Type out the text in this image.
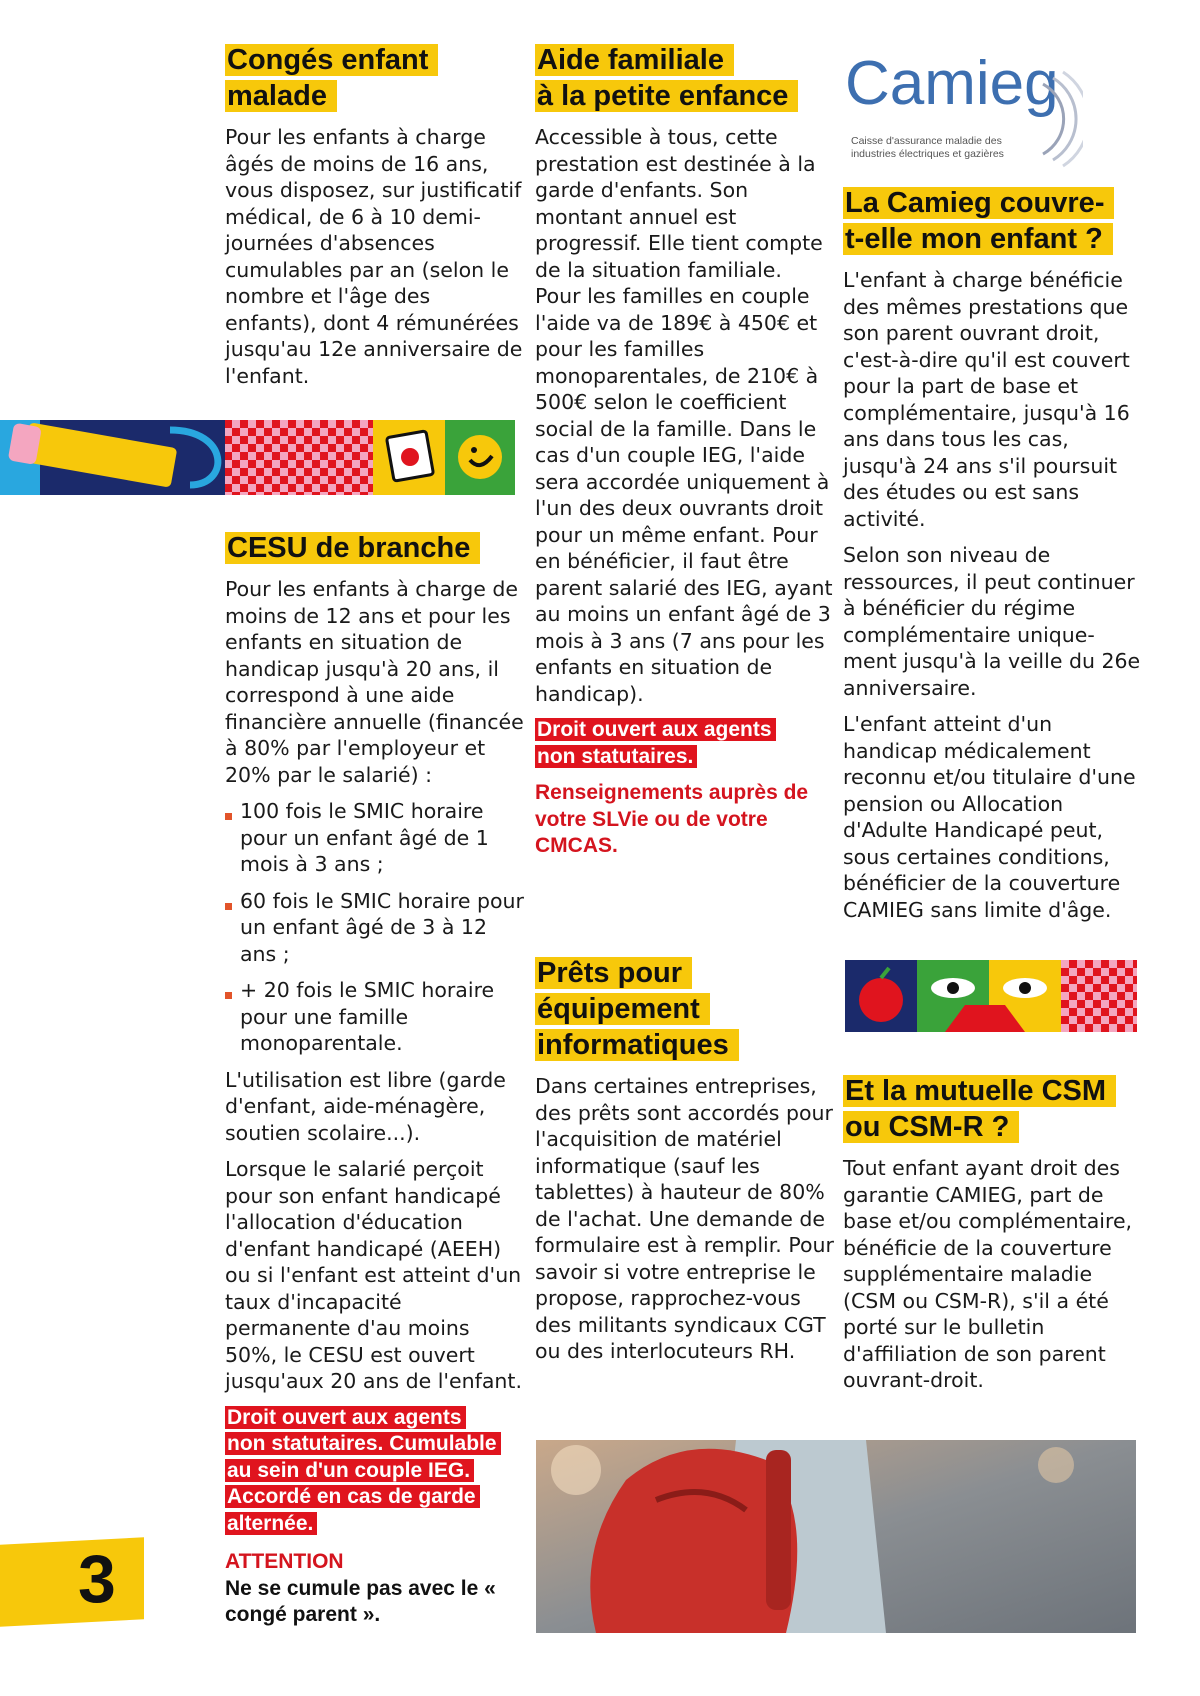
Congés enfant
malade

Pour les enfants à charge âgés de moins de 16 ans, vous disposez, sur justificatif médical, de 6 à 10 demi-journées d'absences cumulables par an (selon le nombre et l'âge des enfants), dont 4 rémunérées jusqu'au 12e anniversaire de l'enfant.

CESU de branche

Pour les enfants à charge de moins de 12 ans et pour les enfants en situation de handicap jusqu'à 20 ans, il correspond à une aide financière annuelle (financée à 80% par l'employeur et 20% par le salarié) :

100 fois le SMIC horaire pour un enfant âgé de 1 mois à 3 ans ;
60 fois le SMIC horaire pour un enfant âgé de 3 à 12 ans ;
+ 20 fois le SMIC horaire pour une famille monoparentale.

L'utilisation est libre (garde d'enfant, aide-ménagère, soutien scolaire...).

Lorsque le salarié perçoit pour son enfant handicapé l'allocation d'éducation d'enfant handicapé (AEEH) ou si l'enfant est atteint d'un taux d'incapacité permanente d'au moins 50%, le CESU est ouvert jusqu'aux 20 ans de l'enfant.

Droit ouvert aux agents non statutaires. Cumulable au sein d'un couple IEG. Accordé en cas de garde alternée.

ATTENTION

Ne se cumule pas avec le « congé parent ».

Aide familiale
à la petite enfance

Accessible à tous, cette prestation est destinée à la garde d'enfants. Son montant annuel est progressif. Elle tient compte de la situation familiale.

Pour les familles en couple l'aide va de 189€ à 450€ et pour les familles monoparentales, de 210€ à 500€ selon le coefficient social de la famille. Dans le cas d'un couple IEG, l'aide sera accordée uniquement à l'un des deux ouvrants droit pour un même enfant. Pour en bénéficier, il faut être parent salarié des IEG, ayant au moins un enfant âgé de 3 mois à 3 ans (7 ans pour les enfants en situation de handicap).

Droit ouvert aux agents non statutaires.

Renseignements auprès de votre SLVie ou de votre CMCAS.

Prêts pour
équipement
informatiques

Dans certaines entreprises, des prêts sont accordés pour l'acquisition de matériel informatique (sauf les tablettes) à hauteur de 80% de l'achat. Une demande de formulaire est à remplir. Pour savoir si votre entreprise le propose, rapprochez-vous des militants syndicaux CGT ou des interlocuteurs RH.

Camieg
Caisse d'assurance maladie des
industries électriques et gazières
La Camieg couvre-
t-elle mon enfant ?

L'enfant à charge bénéficie des mêmes prestations que son parent ouvrant droit, c'est-à-dire qu'il est couvert pour la part de base et complémentaire, jusqu'à 16 ans dans tous les cas, jusqu'à 24 ans s'il poursuit des études ou est sans activité.

Selon son niveau de ressources, il peut continuer à bénéficier du régime complémentaire unique-ment jusqu'à la veille du 26e anniversaire.

L'enfant atteint d'un handicap médicalement reconnu et/ou titulaire d'une pension ou Allocation d'Adulte Handicapé peut, sous certaines conditions, bénéficier de la couverture CAMIEG sans limite d'âge.

Et la mutuelle CSM
ou CSM-R ?

Tout enfant ayant droit des garantie CAMIEG, part de base et/ou complémentaire, bénéficie de la couverture supplémentaire maladie (CSM ou CSM-R), s'il a été porté sur le bulletin d'affiliation de son parent ouvrant-droit.

3
